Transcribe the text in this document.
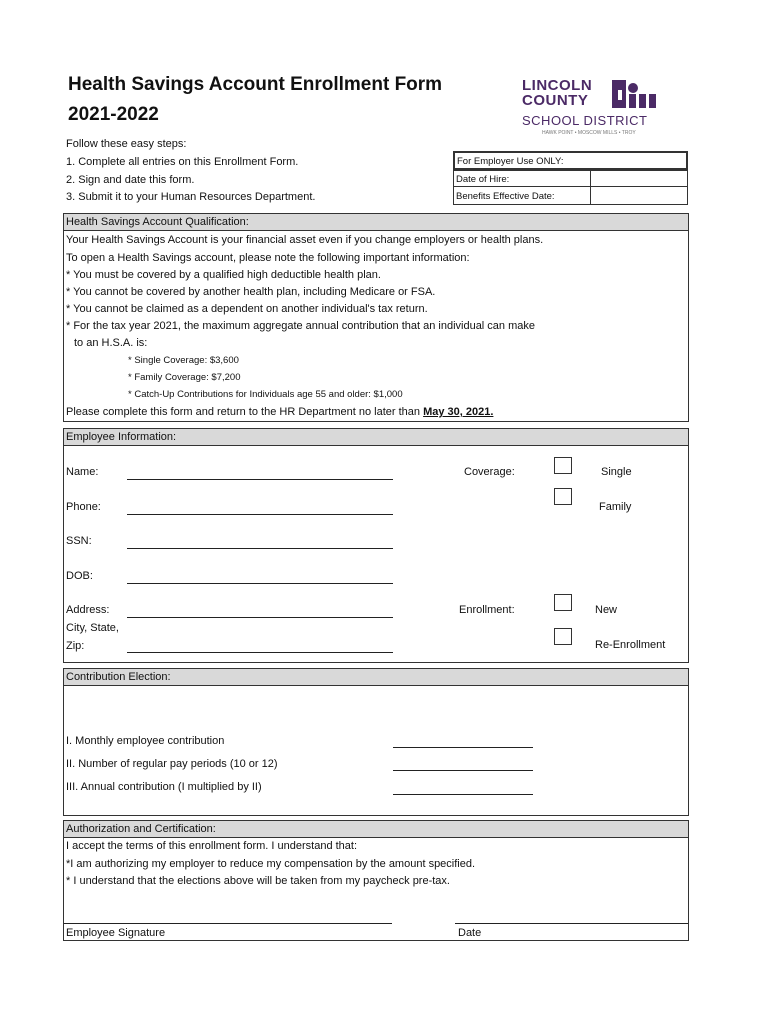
Health Savings Account Enrollment Form
2021-2022
LINCOLN
COUNTY
SCHOOL DISTRICT
HAWK POINT • MOSCOW MILLS • TROY
Follow these easy steps:
1. Complete all entries on this Enrollment Form.
2. Sign and date this form.
3. Submit it to your Human Resources Department.
For Employer Use ONLY:
Date of Hire:
Benefits Effective Date:
Health Savings Account Qualification:
Your Health Savings Account is your financial asset even if you change employers or health plans.
To open a Health Savings account, please note the following important information:
* You must be covered by a qualified high deductible health plan.
* You cannot be covered by another health plan, including Medicare or FSA.
* You cannot be claimed as a dependent on another individual's tax return.
* For the tax year 2021, the maximum aggregate annual contribution that an individual can make
to an H.S.A. is:
* Single Coverage: $3,600
* Family Coverage: $7,200
* Catch-Up Contributions for Individuals age 55 and older: $1,000
Please complete this form and return to the HR Department no later than May 30, 2021.
Employee Information:
Name:
Phone:
SSN:
DOB:
Address:
City, State,
Zip:
Coverage:	Single
Family
Enrollment:	New
Re-Enrollment
Contribution Election:
I. Monthly employee contribution
II. Number of regular pay periods (10 or 12)
III. Annual contribution (I multiplied by II)
Authorization and Certification:
I accept the terms of this enrollment form. I understand that:
*I am authorizing my employer to reduce my compensation by the amount specified.
* I understand that the elections above will be taken from my paycheck pre-tax.
Employee Signature	Date
